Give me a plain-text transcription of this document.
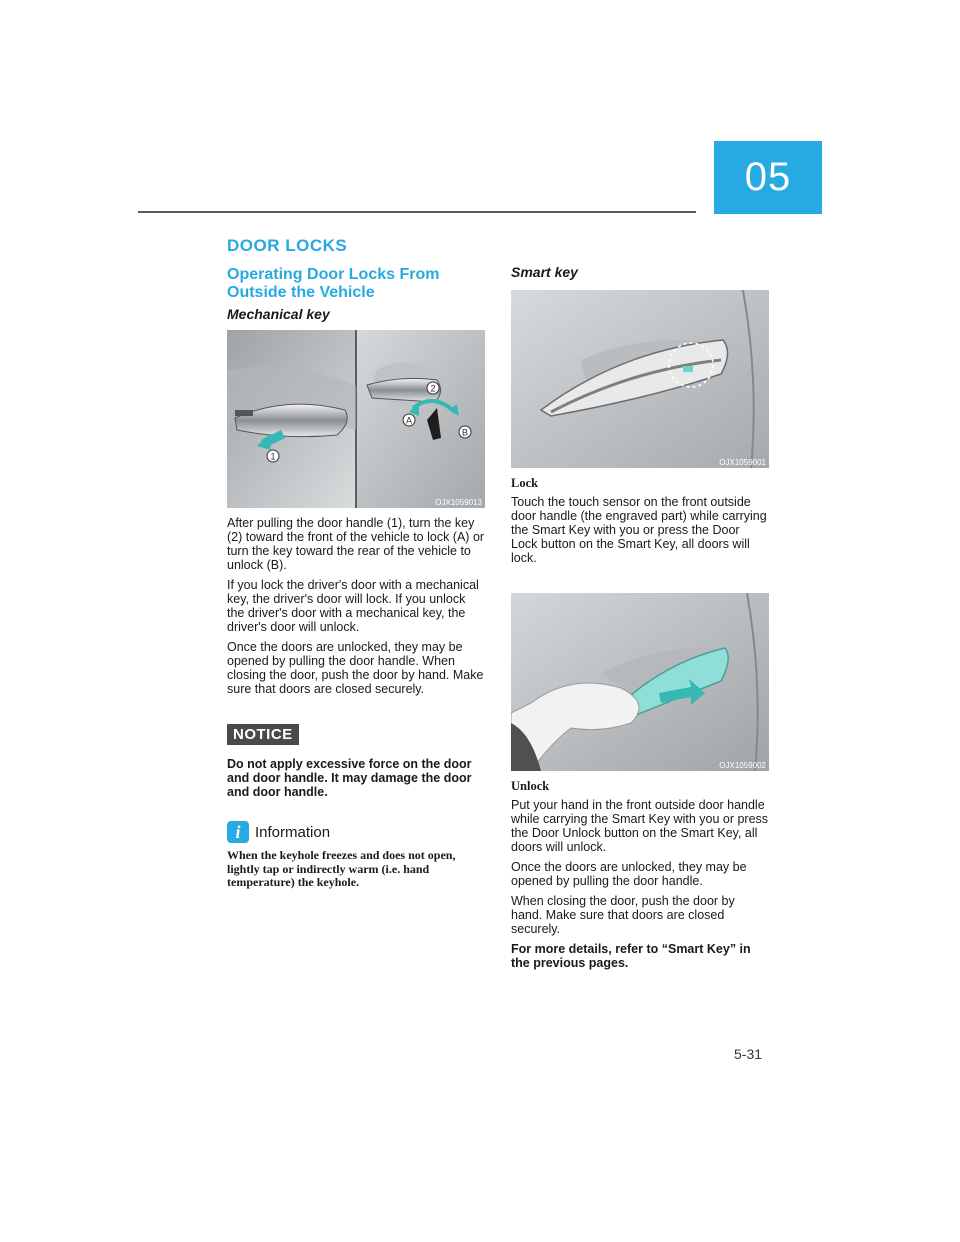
05
DOOR LOCKS
Operating Door Locks From
Outside the Vehicle
Mechanical key
1
2
A
B
OJX1059013

After pulling the door handle (1), turn the key (2) toward the front of the vehicle to lock (A) or turn the key toward the rear of the vehicle to unlock (B).

If you lock the driver's door with a mechanical key, the driver's door will lock. If you unlock the driver's door with a mechanical key, the driver's door will unlock.

Once the doors are unlocked, they may be opened by pulling the door handle. When closing the door, push the door by hand. Make sure that doors are closed securely.

NOTICE

Do not apply excessive force on the door and door handle. It may damage the door and door handle.

i Information
When the keyhole freezes and does not open, lightly tap or indirectly warm (i.e. hand temperature) the keyhole.
Smart key
OJX1059001
Lock

Touch the touch sensor on the front outside door handle (the engraved part) while carrying the Smart Key with you or press the Door Lock button on the Smart Key, all doors will lock.

OJX1059002
Unlock

Put your hand in the front outside door handle while carrying the Smart Key with you or press the Door Unlock button on the Smart Key, all doors will unlock.

Once the doors are unlocked, they may be opened by pulling the door handle.

When closing the door, push the door by hand. Make sure that doors are closed securely.

For more details, refer to “Smart Key” in the previous pages.

5-31
